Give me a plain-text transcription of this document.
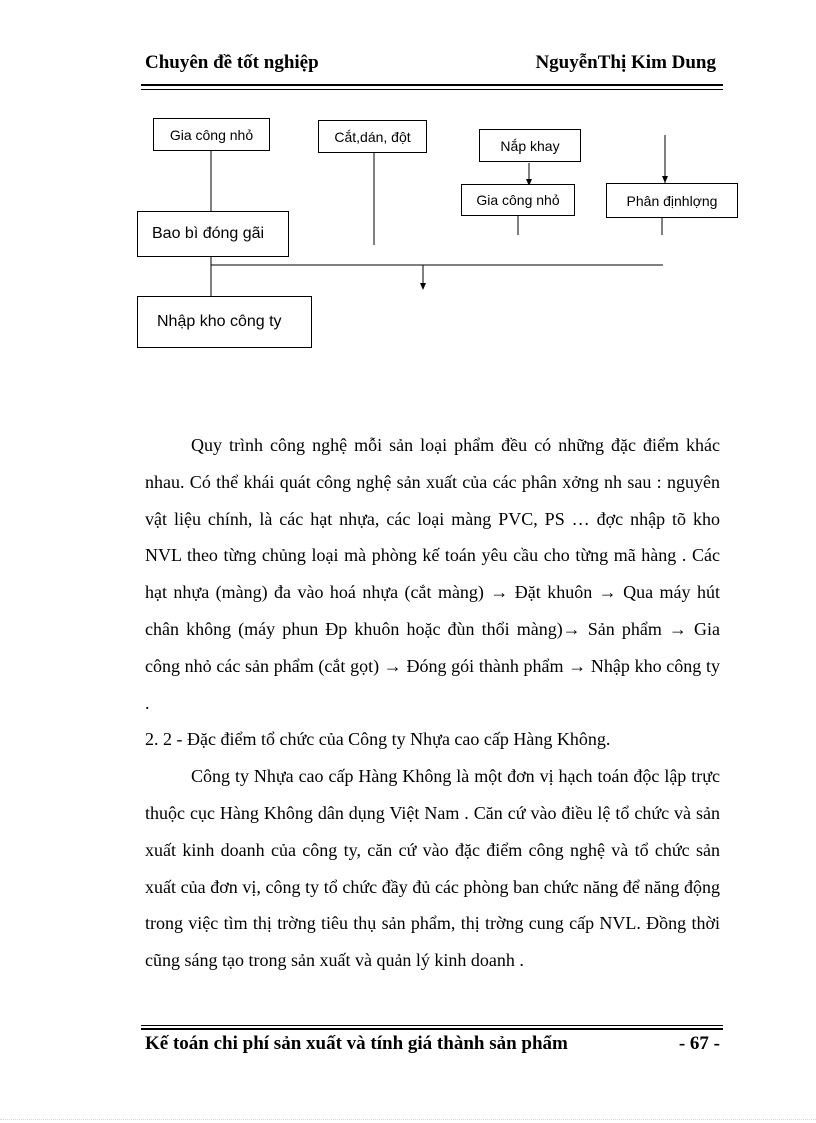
Chuyên đề tốt nghiệp	NguyễnThị Kim Dung
Gia công nhỏ	Cắt,dán, đột
Nắp khay
Gia công nhỏ	Phân địnhlợng
Bao bì đóng gãi
Nhập kho công ty

Quy trình công nghệ mỗi sản loại phẩm đều có những đặc điểm khác nhau. Có thể khái quát công nghệ sản xuất của các phân xởng nh sau : nguyên vật liệu chính, là các hạt nhựa, các loại màng PVC, PS … đợc nhập tõ kho NVL theo từng chủng loại mà phòng kế toán yêu cầu cho từng mã hàng . Các hạt nhựa (màng) đa vào hoá nhựa (cắt màng) → Đặt khuôn → Qua máy hút chân không (máy phun Đp khuôn hoặc đùn thổi màng)→ Sản phẩm → Gia công nhỏ các sản phẩm (cắt gọt) → Đóng gói thành phẩm → Nhập kho công ty .

2. 2 - Đặc điểm tổ chức của Công ty Nhựa cao cấp Hàng Không.

Công ty Nhựa cao cấp Hàng Không là một đơn vị hạch toán độc lập trực thuộc cục Hàng Không dân dụng Việt Nam . Căn cứ vào điều lệ tổ chức và sản xuất kinh doanh của công ty, căn cứ vào đặc điểm công nghệ và tổ chức sản xuất của đơn vị, công ty tổ chức đầy đủ các phòng ban chức năng để năng động trong việc tìm thị trờng tiêu thụ sản phẩm, thị trờng cung cấp NVL. Đồng thời cũng sáng tạo trong sản xuất và quản lý kinh doanh .

Kế toán chi phí sản xuất và tính giá thành sản phẩm	- 67 -
